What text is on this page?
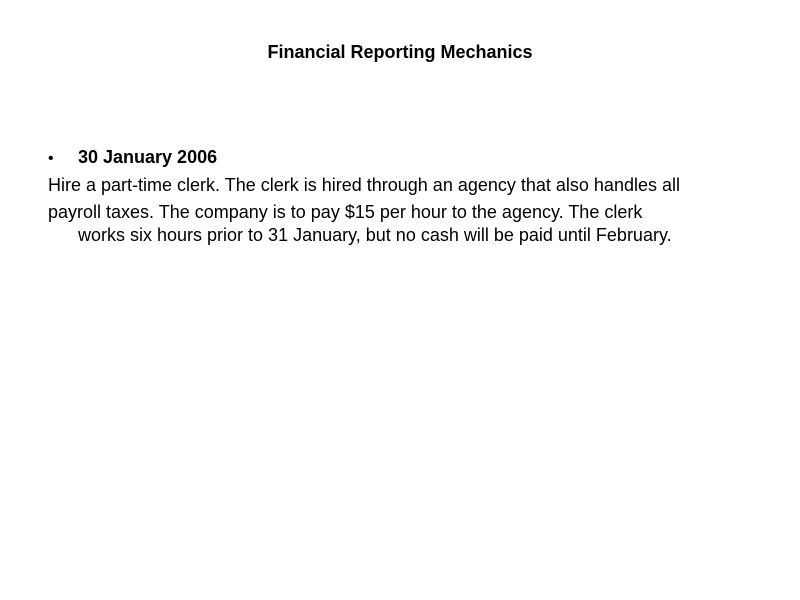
Financial Reporting Mechanics
•	30 January 2006

Hire a part-time clerk. The clerk is hired through an agency that also handles all

payroll taxes. The company is to pay $15 per hour to the agency. The clerk

works six hours prior to 31 January, but no cash will be paid until February.
